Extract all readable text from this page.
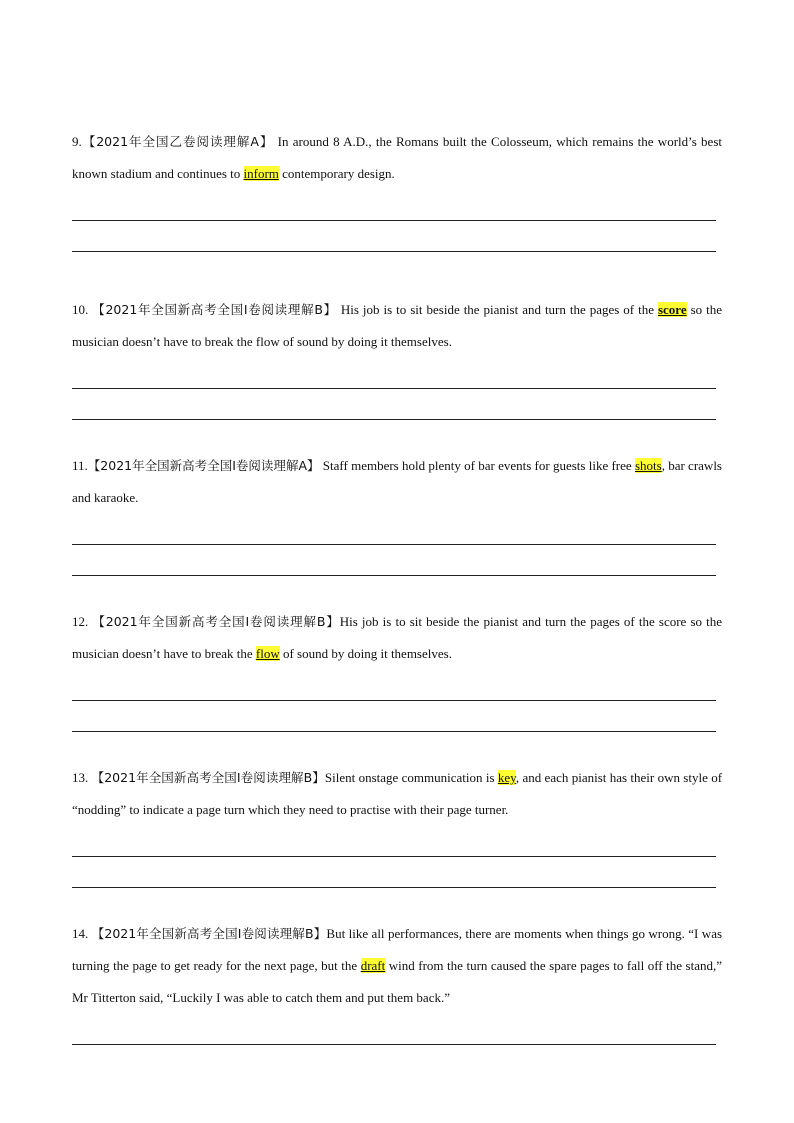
9.【2021年全国乙卷阅读理解A】 In around 8 A.D., the Romans built the Colosseum, which remains the world’s best known stadium and continues to inform contemporary design.

10. 【2021年全国新高考全国I卷阅读理解B】 His job is to sit beside the pianist and turn the pages of the score so the musician doesn’t have to break the flow of sound by doing it themselves.

11.【2021年全国新高考全国I卷阅读理解A】 Staff members hold plenty of bar events for guests like free shots, bar crawls and karaoke.

12. 【2021年全国新高考全国I卷阅读理解B】His job is to sit beside the pianist and turn the pages of the score so the musician doesn’t have to break the flow of sound by doing it themselves.

13. 【2021年全国新高考全国I卷阅读理解B】Silent onstage communication is key, and each pianist has their own style of “nodding” to indicate a page turn which they need to practise with their page turner.

14. 【2021年全国新高考全国I卷阅读理解B】But like all performances, there are moments when things go wrong. “I was turning the page to get ready for the next page, but the draft wind from the turn caused the spare pages to fall off the stand,” Mr Titterton said, “Luckily I was able to catch them and put them back.”
